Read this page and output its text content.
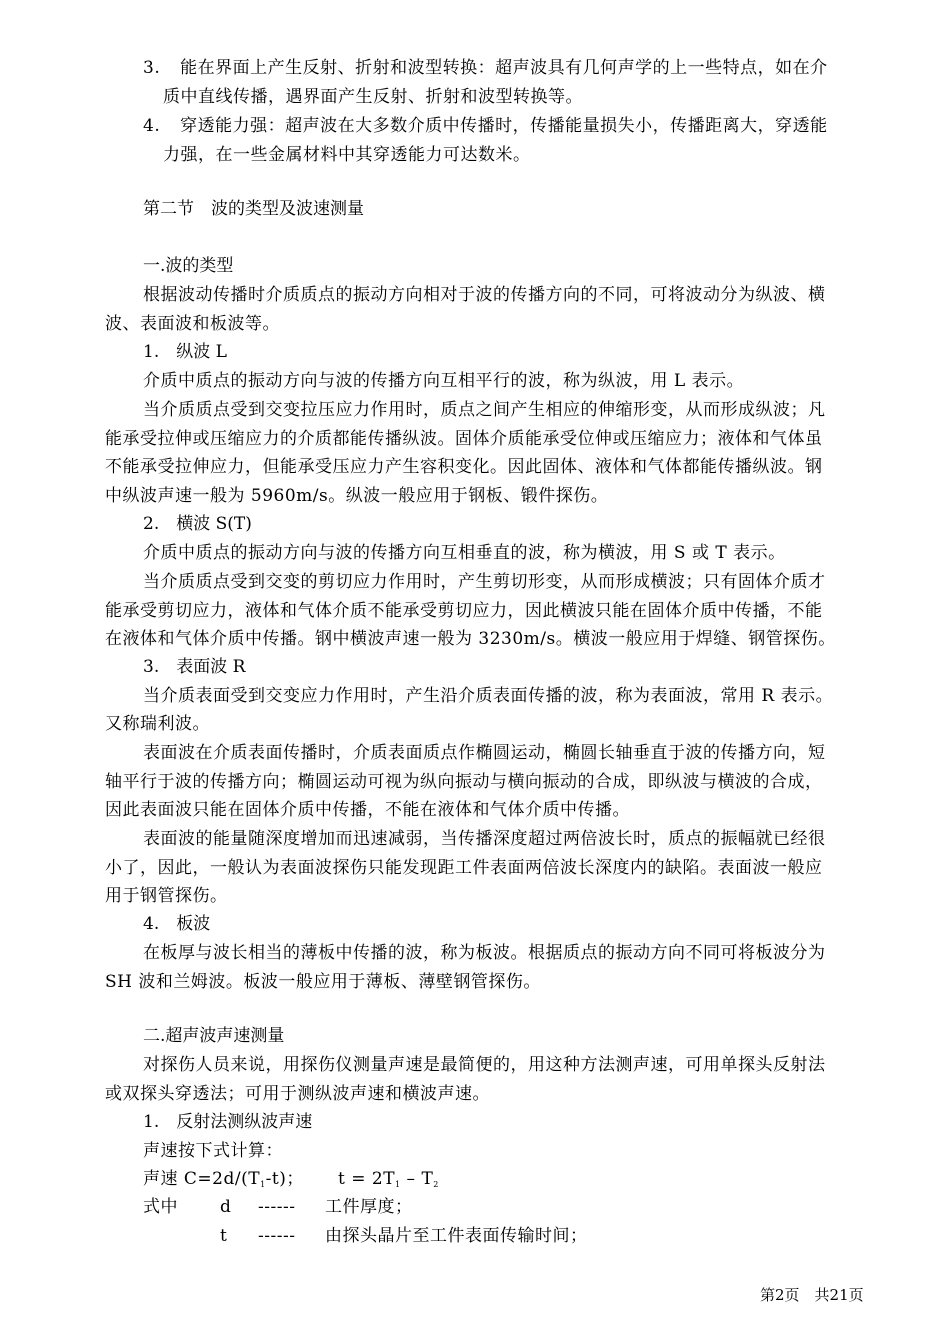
3. 能在界面上产生反射、折射和波型转换：超声波具有几何声学的上一些特点，如在介
质中直线传播，遇界面产生反射、折射和波型转换等。
4. 穿透能力强：超声波在大多数介质中传播时，传播能量损失小，传播距离大，穿透能
力强，在一些金属材料中其穿透能力可达数米。
第二节　波的类型及波速测量
一.波的类型
根据波动传播时介质质点的振动方向相对于波的传播方向的不同，可将波动分为纵波、横
波、表面波和板波等。
1.　纵波 L
介质中质点的振动方向与波的传播方向互相平行的波，称为纵波，用 L 表示。
当介质质点受到交变拉压应力作用时，质点之间产生相应的伸缩形变，从而形成纵波；凡
能承受拉伸或压缩应力的介质都能传播纵波。固体介质能承受位伸或压缩应力；液体和气体虽
不能承受拉伸应力，但能承受压应力产生容积变化。因此固体、液体和气体都能传播纵波。钢
中纵波声速一般为 5960m/s。纵波一般应用于钢板、锻件探伤。
2.　横波 S(T)
介质中质点的振动方向与波的传播方向互相垂直的波，称为横波，用 S 或 T 表示。
当介质质点受到交变的剪切应力作用时，产生剪切形变，从而形成横波；只有固体介质才
能承受剪切应力，液体和气体介质不能承受剪切应力，因此横波只能在固体介质中传播，不能
在液体和气体介质中传播。钢中横波声速一般为 3230m/s。横波一般应用于焊缝、钢管探伤。
3.　表面波 R
当介质表面受到交变应力作用时，产生沿介质表面传播的波，称为表面波，常用 R 表示。
又称瑞利波。
表面波在介质表面传播时，介质表面质点作椭圆运动，椭圆长轴垂直于波的传播方向，短
轴平行于波的传播方向；椭圆运动可视为纵向振动与横向振动的合成，即纵波与横波的合成，
因此表面波只能在固体介质中传播，不能在液体和气体介质中传播。
表面波的能量随深度增加而迅速减弱，当传播深度超过两倍波长时，质点的振幅就已经很
小了，因此，一般认为表面波探伤只能发现距工件表面两倍波长深度内的缺陷。表面波一般应
用于钢管探伤。
4.　板波
在板厚与波长相当的薄板中传播的波，称为板波。根据质点的振动方向不同可将板波分为
SH 波和兰姆波。板波一般应用于薄板、薄壁钢管探伤。
二.超声波声速测量
对探伤人员来说，用探伤仪测量声速是最简便的，用这种方法测声速，可用单探头反射法
或双探头穿透法；可用于测纵波声速和横波声速。
1.　反射法测纵波声速
声速按下式计算：
声速 $C=2d/(T_1-t)$； $t = 2T_1 - T_2$
式中 d ------ 工件厚度；
t ------ 由探头晶片至工件表面传输时间；
第2页　共21页
